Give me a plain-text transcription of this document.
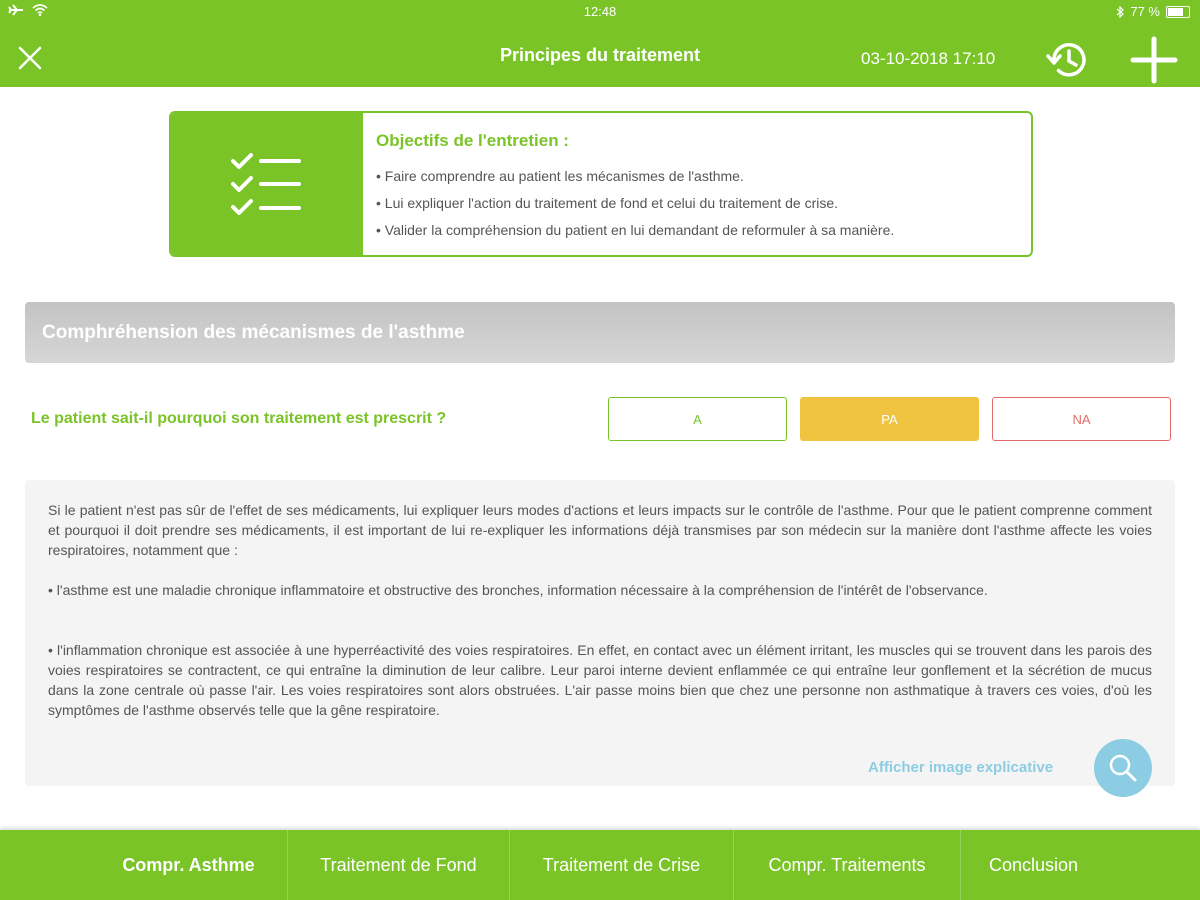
12:48	77 %
Principes du traitement	03-10-2018 17:10
Objectifs de l'entretien :
• Faire comprendre au patient les mécanismes de l'asthme.
• Lui expliquer l'action du traitement de fond et celui du traitement de crise.
• Valider la compréhension du patient en lui demandant de reformuler à sa manière.
Comphréhension des mécanismes de l'asthme
Le patient sait-il pourquoi son traitement est prescrit ?	A	PA	NA

Si le patient n'est pas sûr de l'effet de ses médicaments, lui expliquer leurs modes d'actions et leurs impacts sur le contrôle de l'asthme. Pour que le patient comprenne comment et pourquoi il doit prendre ses médicaments, il est important de lui re-expliquer les informations déjà transmises par son médecin sur la manière dont l'asthme affecte les voies respiratoires, notamment que :

• l'asthme est une maladie chronique inflammatoire et obstructive des bronches, information nécessaire à la compréhension de l'intérêt de l'observance.

• l'inflammation chronique est associée à une hyperréactivité des voies respiratoires. En effet, en contact avec un élément irritant, les muscles qui se trouvent dans les parois des voies respiratoires se contractent, ce qui entraîne la diminution de leur calibre. Leur paroi interne devient enflammée ce qui entraîne leur gonflement et la sécrétion de mucus dans la zone centrale où passe l'air. Les voies respiratoires sont alors obstruées. L'air passe moins bien que chez une personne non asthmatique à travers ces voies, d'où les symptômes de l'asthme observés telle que la gêne respiratoire.

Afficher image explicative
Compr. Asthme	Traitement de Fond	Traitement de Crise	Compr. Traitements	Conclusion
